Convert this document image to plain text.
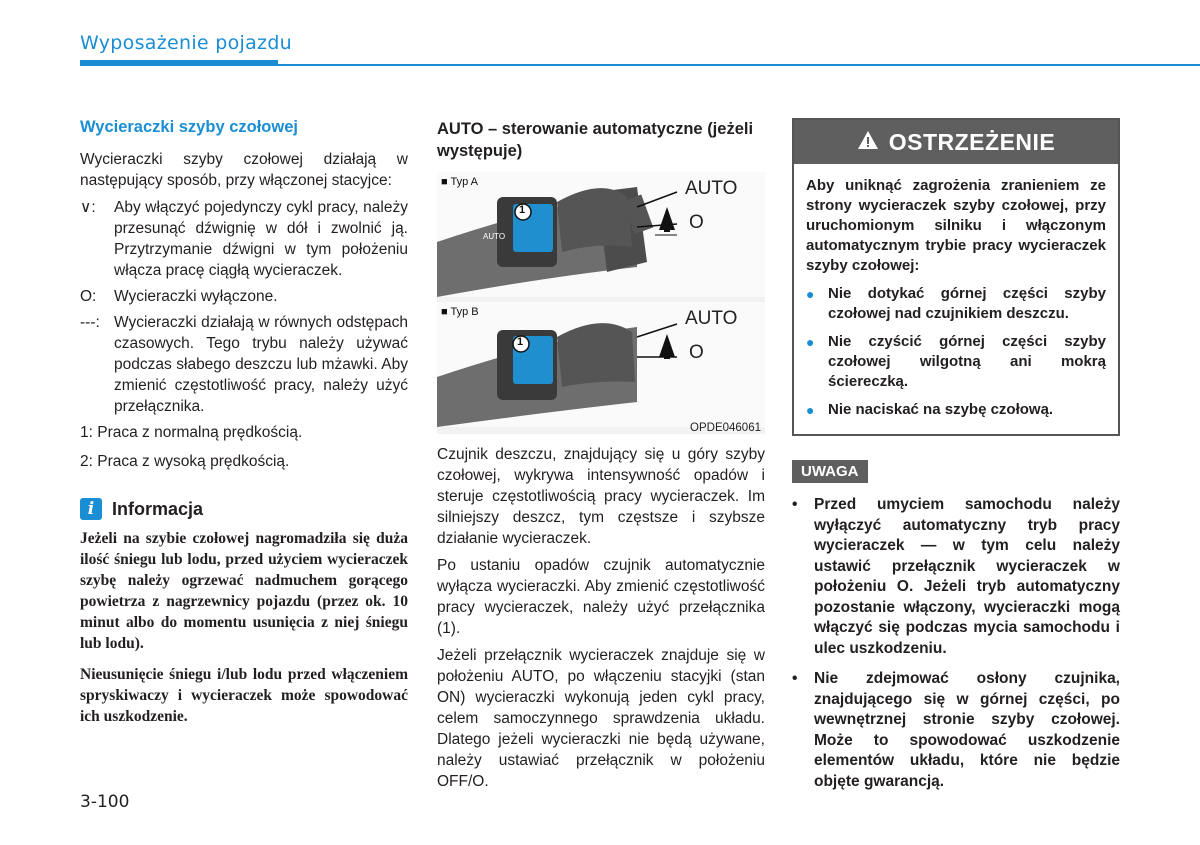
Wyposażenie pojazdu
Wycieraczki szyby czołowej

Wycieraczki szyby czołowej działają w następujący sposób, przy włączonej stacyjce:

∨:	Aby włączyć pojedynczy cykl pracy, należy przesunąć dźwignię w dół i zwolnić ją. Przytrzymanie dźwigni w tym położeniu włącza pracę ciągłą wycieraczek.
O:	Wycieraczki wyłączone.
---: Wycieraczki działają w równych odstępach czasowych. Tego trybu należy używać podczas słabego deszczu lub mżawki. Aby zmienić częstotliwość pracy, należy użyć przełącznika.
1: Praca z normalną prędkością.
2: Praca z wysoką prędkością.
i Informacja

Jeżeli na szybie czołowej nagromadziła się duża ilość śniegu lub lodu, przed użyciem wycieraczek szybę należy ogrzewać nadmuchem gorącego powietrza z nagrzewnicy pojazdu (przez ok. 10 minut albo do momentu usunięcia z niej śniegu lub lodu).

Nieusunięcie śniegu i/lub lodu przed włączeniem spryskiwaczy i wycieraczek może spowodować ich uszkodzenie.

AUTO – sterowanie automatyczne (jeżeli występuje)
■ Typ A	AUTO
O
1
AUTO
■ Typ B	AUTO
O
1
OPDE046061

Czujnik deszczu, znajdujący się u góry szyby czołowej, wykrywa intensywność opadów i steruje częstotliwością pracy wycieraczek. Im silniejszy deszcz, tym częstsze i szybsze działanie wycieraczek.

Po ustaniu opadów czujnik automatycznie wyłącza wycieraczki. Aby zmienić częstotliwość pracy wycieraczek, należy użyć przełącznika (1).

Jeżeli przełącznik wycieraczek znajduje się w położeniu AUTO, po włączeniu stacyjki (stan ON) wycieraczki wykonują jeden cykl pracy, celem samoczynnego sprawdzenia układu. Dlatego jeżeli wycieraczki nie będą używane, należy ustawiać przełącznik w położeniu OFF/O.

OSTRZEŻENIE

Aby uniknąć zagrożenia zranieniem ze strony wycieraczek szyby czołowej, przy uruchomionym silniku i włączonym automatycznym trybie pracy wycieraczek szyby czołowej:

● Nie dotykać górnej części szyby czołowej nad czujnikiem deszczu.
● Nie czyścić górnej części szyby czołowej wilgotną ani mokrą ściereczką.
● Nie naciskać na szybę czołową.
UWAGA
•	Przed umyciem samochodu należy wyłączyć automatyczny tryb pracy wycieraczek — w tym celu należy ustawić przełącznik wycieraczek w położeniu O. Jeżeli tryb automatyczny pozostanie włączony, wycieraczki mogą włączyć się podczas mycia samochodu i ulec uszkodzeniu.
•	Nie zdejmować osłony czujnika, znajdującego się w górnej części, po wewnętrznej stronie szyby czołowej. Może to spowodować uszkodzenie elementów układu, które nie będzie objęte gwarancją.
3-100
